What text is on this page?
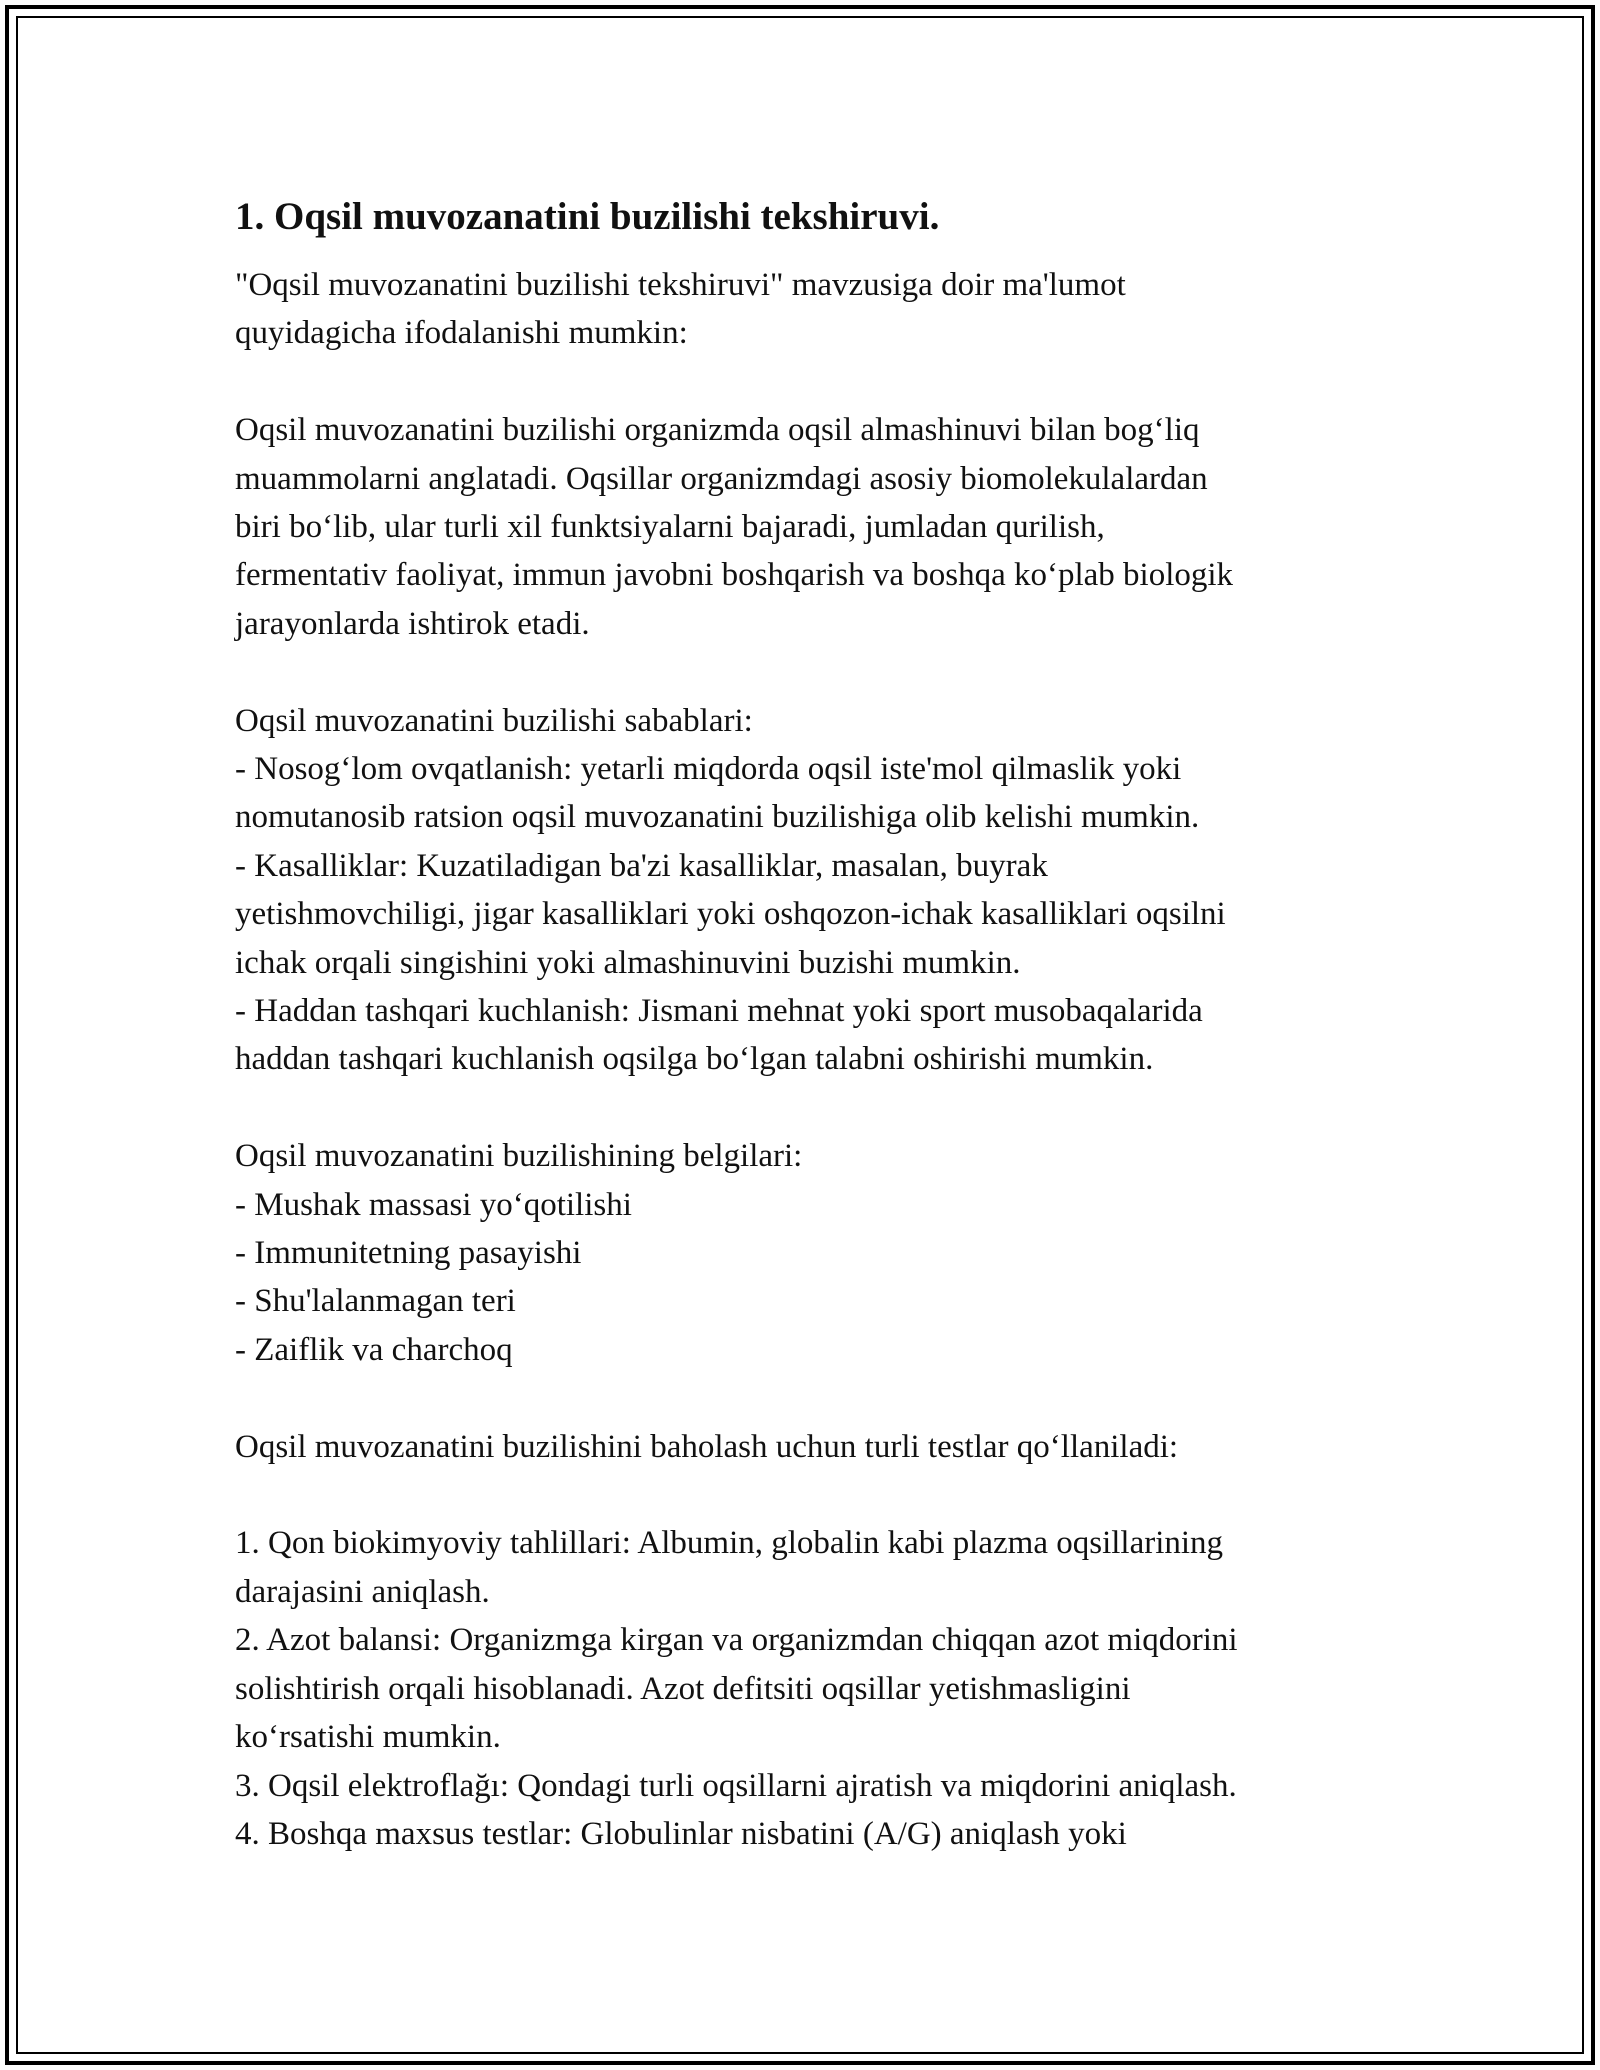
1. Oqsil muvozanatini buzilishi tekshiruvi.

"Oqsil muvozanatini buzilishi tekshiruvi" mavzusiga doir ma'lumot

quyidagicha ifodalanishi mumkin:

Oqsil muvozanatini buzilishi organizmda oqsil almashinuvi bilan bog‘liq

muammolarni anglatadi. Oqsillar organizmdagi asosiy biomolekulalardan

biri bo‘lib, ular turli xil funktsiyalarni bajaradi, jumladan qurilish,

fermentativ faoliyat, immun javobni boshqarish va boshqa ko‘plab biologik

jarayonlarda ishtirok etadi.

Oqsil muvozanatini buzilishi sabablari:

- Nosog‘lom ovqatlanish: yetarli miqdorda oqsil iste'mol qilmaslik yoki

nomutanosib ratsion oqsil muvozanatini buzilishiga olib kelishi mumkin.

- Kasalliklar: Kuzatiladigan ba'zi kasalliklar, masalan, buyrak

yetishmovchiligi, jigar kasalliklari yoki oshqozon-ichak kasalliklari oqsilni

ichak orqali singishini yoki almashinuvini buzishi mumkin.

- Haddan tashqari kuchlanish: Jismani mehnat yoki sport musobaqalarida

haddan tashqari kuchlanish oqsilga bo‘lgan talabni oshirishi mumkin.

Oqsil muvozanatini buzilishining belgilari:

- Mushak massasi yo‘qotilishi

- Immunitetning pasayishi

- Shu'lalanmagan teri

- Zaiflik va charchoq

Oqsil muvozanatini buzilishini baholash uchun turli testlar qo‘llaniladi:

1. Qon biokimyoviy tahlillari: Albumin, globalin kabi plazma oqsillarining

darajasini aniqlash.

2. Azot balansi: Organizmga kirgan va organizmdan chiqqan azot miqdorini

solishtirish orqali hisoblanadi. Azot defitsiti oqsillar yetishmasligini

ko‘rsatishi mumkin.

3. Oqsil elektroflağı: Qondagi turli oqsillarni ajratish va miqdorini aniqlash.

4. Boshqa maxsus testlar: Globulinlar nisbatini (A/G) aniqlash yoki
